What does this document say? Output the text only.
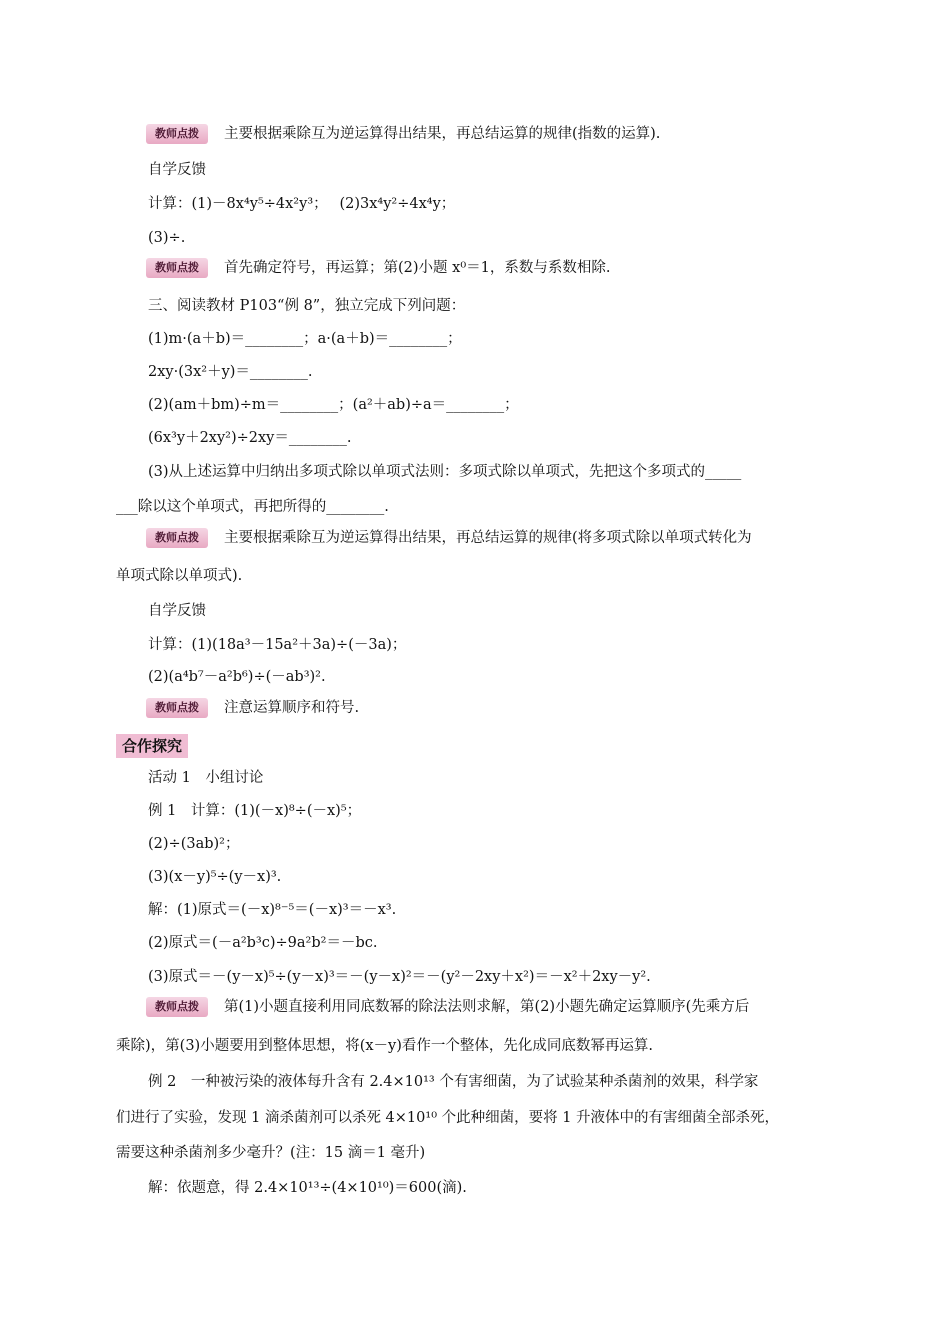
教师点拨 主要根据乘除互为逆运算得出结果，再总结运算的规律(指数的运算).
自学反馈
计算：(1)－8x⁴y⁵÷4x²y³；　 (2)3x⁴y²÷4x⁴y；
(3)÷.
教师点拨 首先确定符号，再运算；第(2)小题 x⁰＝1，系数与系数相除.
三、阅读教材 P103“例 8”，独立完成下列问题：
(1)m·(a＋b)＝________；a·(a＋b)＝________；
2xy·(3x²＋y)＝________.
(2)(am＋bm)÷m＝________；(a²＋ab)÷a＝________；
(6x³y＋2xy²)÷2xy＝________.
(3)从上述运算中归纳出多项式除以单项式法则：多项式除以单项式，先把这个多项式的_____
___除以这个单项式，再把所得的________.
教师点拨 主要根据乘除互为逆运算得出结果，再总结运算的规律(将多项式除以单项式转化为
单项式除以单项式).
自学反馈
计算：(1)(18a³－15a²＋3a)÷(－3a)；
(2)(a⁴b⁷－a²b⁶)÷(－ab³)².
教师点拨 注意运算顺序和符号.
合作探究
活动 1　小组讨论
例 1　计算：(1)(－x)⁸÷(－x)⁵；
(2)÷(3ab)²；
(3)(x－y)⁵÷(y－x)³.
解：(1)原式＝(－x)⁸⁻⁵＝(－x)³＝－x³.
(2)原式＝(－a²b³c)÷9a²b²＝－bc.
(3)原式＝－(y－x)⁵÷(y－x)³＝－(y－x)²＝－(y²－2xy＋x²)＝－x²＋2xy－y².
教师点拨 第(1)小题直接利用同底数幂的除法法则求解，第(2)小题先确定运算顺序(先乘方后
乘除)，第(3)小题要用到整体思想，将(x－y)看作一个整体，先化成同底数幂再运算.
例 2　一种被污染的液体每升含有 2.4×10¹³ 个有害细菌，为了试验某种杀菌剂的效果，科学家
们进行了实验，发现 1 滴杀菌剂可以杀死 4×10¹⁰ 个此种细菌，要将 1 升液体中的有害细菌全部杀死，
需要这种杀菌剂多少毫升？(注：15 滴＝1 毫升)
解：依题意，得 2.4×10¹³÷(4×10¹⁰)＝600(滴).
